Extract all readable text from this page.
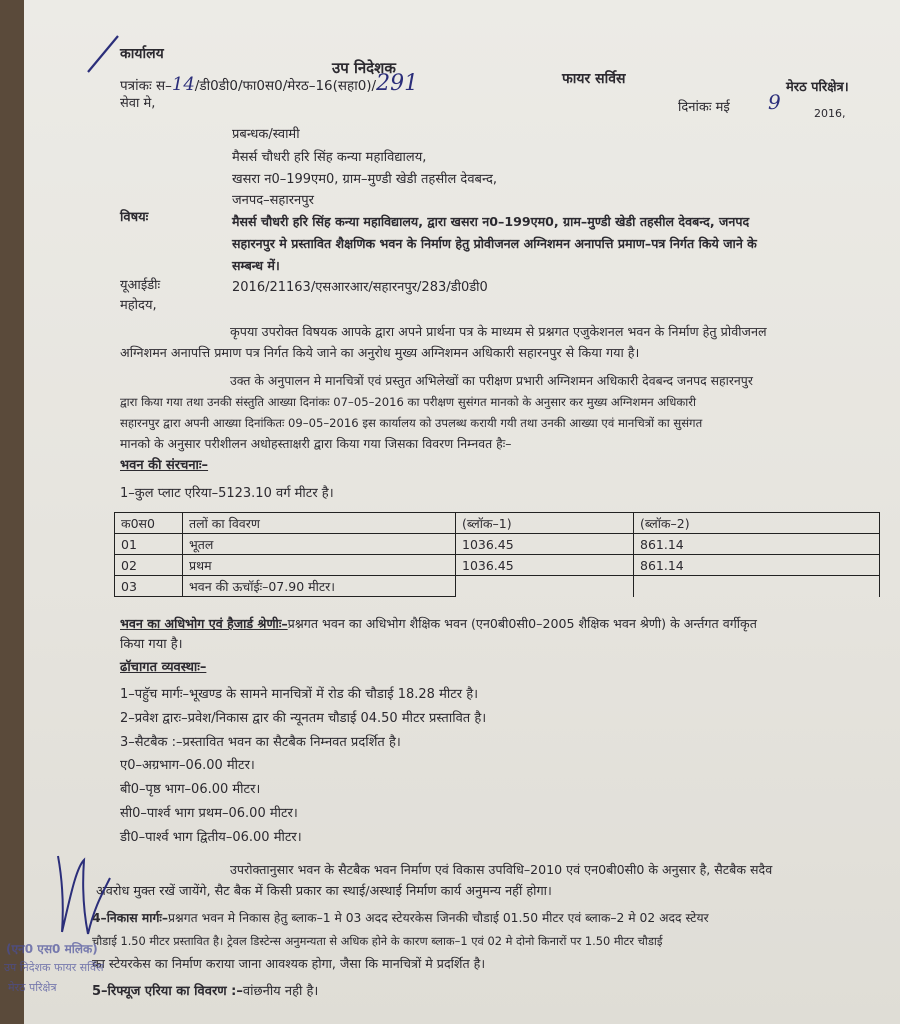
कार्यालय
उप निदेशक
फायर सर्विस
मेरठ परिक्षेत्र।
पत्रांकः स–14/डी0डी0/फा0स0/मेरठ–16(सहा0)/291
सेवा मे,	दिनांकः मई 9	2016,
प्रबन्धक/स्वामी
मैसर्स चौधरी हरि सिंह कन्या महाविद्यालय,
खसरा न0–199एम0, ग्राम–मुण्डी खेडी तहसील देवबन्द,
जनपद–सहारनपुर
विषयः	मैसर्स चौधरी हरि सिंह कन्या महाविद्यालय, द्वारा खसरा न0–199एम0, ग्राम–मुण्डी खेडी तहसील देवबन्द, जनपद
सहारनपुर मे प्रस्तावित शैक्षणिक भवन के निर्माण हेतु प्रोवीजनल अग्निशमन अनापत्ति प्रमाण–पत्र निर्गत किये जाने के
सम्बन्ध में।
यूआईडीः	2016/21163/एसआरआर/सहारनपुर/283/डी0डी0
महोदय,
कृपया उपरोक्त विषयक आपके द्वारा अपने प्रार्थना पत्र के माध्यम से प्रश्नगत एजुकेशनल भवन के निर्माण हेतु प्रोवीजनल
अग्निशमन अनापत्ति प्रमाण पत्र निर्गत किये जाने का अनुरोध मुख्य अग्निशमन अधिकारी सहारनपुर से किया गया है।
उक्त के अनुपालन मे मानचित्रों एवं प्रस्तुत अभिलेखों का परीक्षण प्रभारी अग्निशमन अधिकारी देवबन्द जनपद सहारनपुर
द्वारा किया गया तथा उनकी संस्तुति आख्या दिनांकः 07–05–2016 का परीक्षण सुसंगत मानको के अनुसार कर मुख्य अग्निशमन अधिकारी
सहारनपुर द्वारा अपनी आख्या दिनांकितः 09–05–2016 इस कार्यालय को उपलब्ध करायी गयी तथा उनकी आख्या एवं मानचित्रों का सुसंगत
मानको के अनुसार परीशीलन अधोहस्ताक्षरी द्वारा किया गया जिसका विवरण निम्नवत हैः–
भवन की संरचनाः–
1–कुल प्लाट एरिया–5123.10 वर्ग मीटर है।
क0स0	तलों का विवरण	(ब्लॉक–1)	(ब्लॉक–2)
01	भूतल	1036.45	861.14
02	प्रथम	1036.45	861.14
03	भवन की ऊचॉईः–07.90 मीटर।		
भवन का अधिभोग एवं हैजार्ड श्रेणीः–प्रश्नगत भवन का अधिभोग शैक्षिक भवन (एन0बी0सी0–2005 शैक्षिक भवन श्रेणी) के अर्न्तगत वर्गीकृत
किया गया है।
ढॉचागत व्यवस्थाः–
1–पहुॅच मार्गः–भूखण्ड के सामने मानचित्रों में रोड की चौडाई 18.28 मीटर है।
2–प्रवेश द्वारः–प्रवेश/निकास द्वार की न्यूनतम चौडाई 04.50 मीटर प्रस्तावित है।
3–सैटबैक :–प्रस्तावित भवन का सैटबैक निम्नवत प्रदर्शित है।
ए0–अग्रभाग–06.00 मीटर।
बी0–पृष्ठ भाग–06.00 मीटर।
सी0–पार्श्व भाग प्रथम–06.00 मीटर।
डी0–पार्श्व भाग द्वितीय–06.00 मीटर।
उपरोक्तानुसार भवन के सैटबैक भवन निर्माण एवं विकास उपविधि–2010 एवं एन0बी0सी0 के अनुसार है, सैटबैक सदैव
अवरोध मुक्त रखें जायेंगे, सैट बैक में किसी प्रकार का स्थाई/अस्थाई निर्माण कार्य अनुमन्य नहीं होगा।
4–निकास मार्गः–प्रश्नगत भवन मे निकास हेतु ब्लाक–1 मे 03 अदद स्टेयरकेस जिनकी चौडाई 01.50 मीटर एवं ब्लाक–2 मे 02 अदद स्टेयर
चौडाई 1.50 मीटर प्रस्तावित है। ट्रेवल डिस्टेन्स अनुमन्यता से अधिक होने के कारण ब्लाक–1 एवं 02 मे दोनो किनारों पर 1.50 मीटर चौडाई
का स्टेयरकेस का निर्माण कराया जाना आवश्यक होगा, जैसा कि मानचित्रों मे प्रदर्शित है।
5–रिफ्यूज एरिया का विवरण :–वांछनीय नही है।
(एन0 एस0 मलिक)
उप निदेशक फायर सर्विस
मेरठ परिक्षेत्र
